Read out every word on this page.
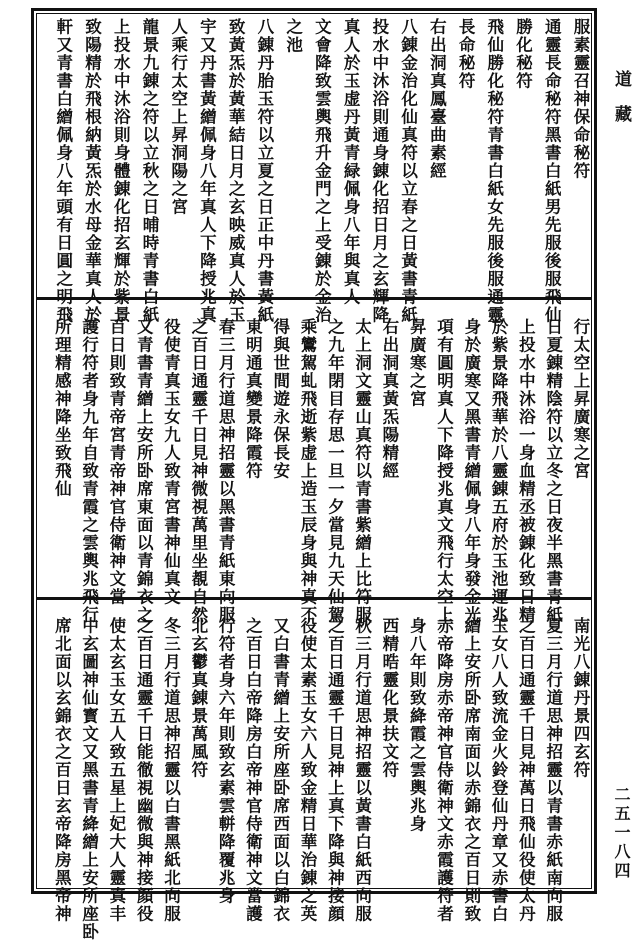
道藏
二五一八四
服素靈召神保命秘符
通靈長命秘符黑書白紙男先服後服飛仙
勝化秘符
飛仙勝化秘符青書白紙女先服後服通靈
長命秘符
右出洞真鳳臺曲素經
八錬金治化仙真符以立春之日黃書青紙
投水中沐浴則通身錬化招日月之玄輝降
真人於玉虚丹黃青緑佩身八年與真人
文會降致雲輿飛升金門之上受錬於金治
之池
八錬丹胎玉符以立夏之日正中丹書黃紙
致黃炁於黃華結日月之玄映威真人於玉
宇又丹書黃繒佩身八年真人下降授兆真
人乘行太空上昇洞陽之宮
龍景九錬之符以立秋之日晡時青書白紙
上投水中沐浴則身體錬化招玄輝於紫景
致陽精於飛根納黃炁於水母金華真人於
軒又青書白繒佩身八年頭有日圓之明飛
行太空上昇廣寒之宮
日夏錬精陰符以立冬之日夜半黑書青紙
上投水中沐浴一身血精丞被錬化致日精
於紫景降飛華於八靈錬五府於玉池運兆
身於廣寒又黑書青繒佩身八年身發金光
項有圓明真人下降授兆真文飛行太空上
昇廣寒之宮
右出洞真黃炁陽精經
太上洞文靈山真符以青書紫繒上比符服
之九年閉目存思一旦一夕當見九天仙駕
乘鸞駕虬飛逝紫虚上造玉辰身與神真不
得與世間遊永保長安
東明通真變景降霞符
春三月行道思神招靈以黑書青紙東向服
之百日通靈千日見神微視萬里坐覩自然
役使青真玉女九人致青宮書神仙真文
又青書青繒上安所卧席東面以青錦衣之
百日則致青帝宮青帝神官侍衛神文當
護行符者身九年自致青霞之雲輿兆飛行
所理精感神降坐致飛仙
南光八錬丹景四玄符
夏三月行道思神招靈以青書赤紙南向服
之百日通靈千日見神萬日飛仙役使太丹
玉女八人致流金火鈴登仙丹章又赤書白
繒上安所卧席南面以赤錦衣之百日則致
赤帝降房赤帝神官侍衛神文赤霞護符者
身八年則致絳霞之雲輿兆身
西精晧靈化景扶文符
秋三月行道思神招靈以黃書白紙西向服
之百日通靈千日見神上真下降與神接顔
役使太素玉女六人致金精日華治錬之英
又白書青繒上安所座卧席西面以白錦衣
之百日白帝降房白帝神官侍衛神文當護
行符者身六年則致玄素雲軿降覆兆身
北玄鬱真錬景萬風符
冬三月行道思神招靈以白書黑紙北向服
之百日通靈千日能徹視幽微與神接顔役
使太玄玉女五人致五星上妃大人靈真丰
中玄圖神仙寳文又黑書青絳繒上安所座卧
席北面以玄錦衣之百日玄帝降房黑帝神
